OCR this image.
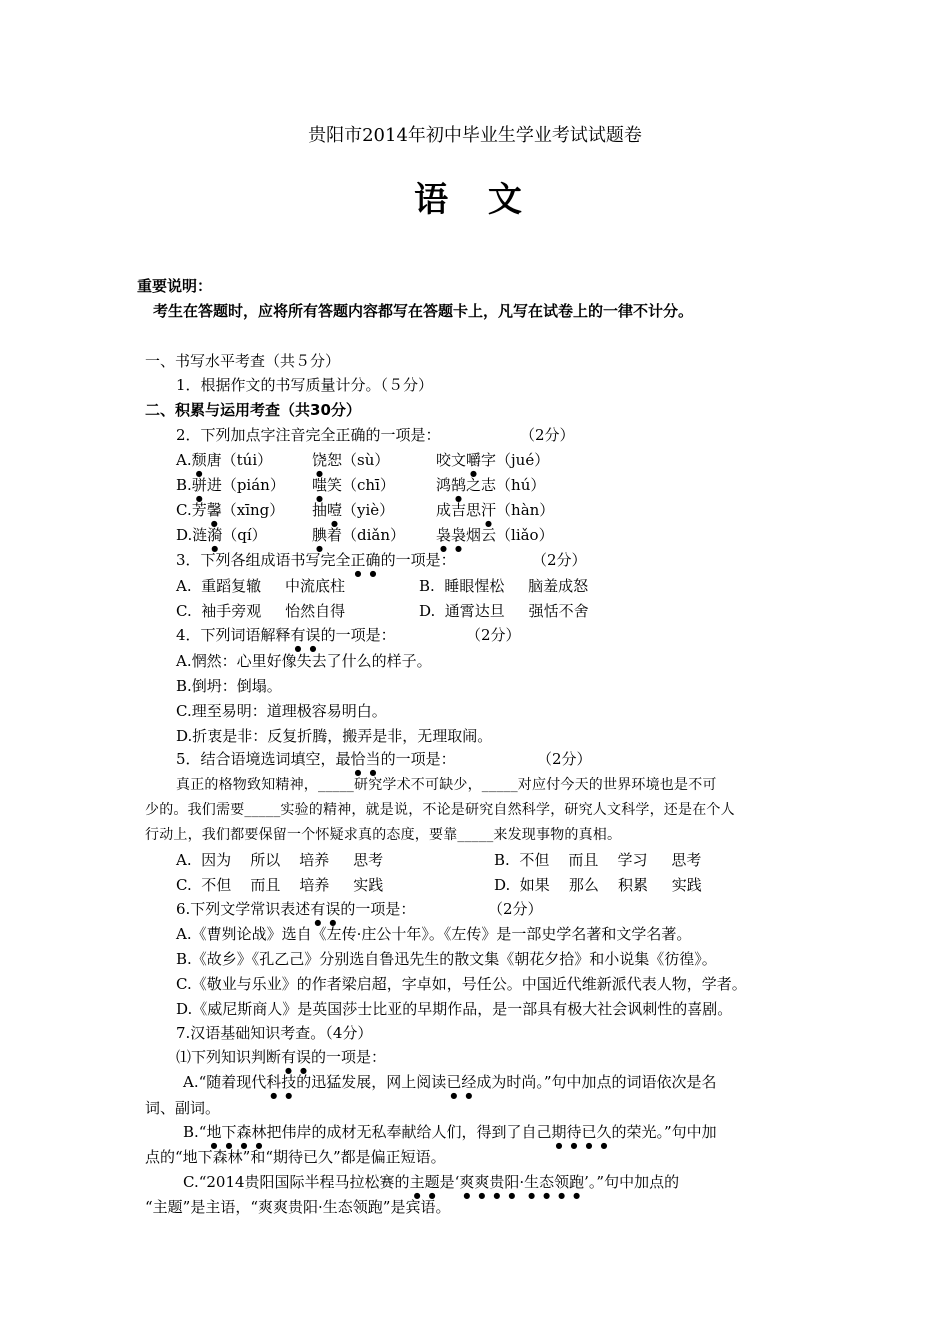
贵阳市2014年初中毕业生学业考试试题卷
语 文
重要说明：
考生在答题时，应将所有答题内容都写在答题卡上，凡写在试卷上的一律不计分。
一、书写水平考查（共５分）
1．根据作文的书写质量计分。（５分）
二、积累与运用考查（共30分）
2．下列加点字注音完全正确的一项是：	（2分）
A.颓唐（túi）	饶恕（sù）	咬文嚼字（jué）
B.骈进（pián） 嗤笑（chī）	鸿鹄之志（hú）
C.芳馨（xīng） 抽噎（yiè）	成吉思汗（hàn）
D.涟漪（qí）	腆着（diǎn） 袅袅烟云（liǎo）
3．下列各组成语书写完全正确的一项是：	（2分）
A.  重蹈复辙     中流底柱	B.  睡眼惺松     脑羞成怒
C.  袖手旁观     怡然自得	D.  通霄达旦     强恬不舍
4．下列词语解释有误的一项是：	（2分）
A.惘然：心里好像失去了什么的样子。
B.倒坍：倒塌。
C.理至易明：道理极容易明白。
D.折衷是非：反复折腾，搬弄是非，无理取闹。
5．结合语境选词填空，最恰当的一项是：	（2分）
真正的格物致知精神，_____研究学术不可缺少，_____对应付今天的世界环境也是不可
少的。我们需要_____实验的精神，就是说，不论是研究自然科学，研究人文科学，还是在个人
行动上，我们都要保留一个怀疑求真的态度，要靠_____来发现事物的真相。
A.  因为    所以    培养     思考	B.  不但    而且    学习     思考
C.  不但    而且    培养     实践	D.  如果    那么    积累     实践
6.下列文学常识表述有误的一项是：	（2分）
A.《曹刿论战》选自《左传·庄公十年》。《左传》是一部史学名著和文学名著。
B.《故乡》《孔乙己》分别选自鲁迅先生的散文集《朝花夕拾》和小说集《彷徨》。
C.《敬业与乐业》的作者梁启超，字卓如，号任公。中国近代维新派代表人物，学者。
D.《威尼斯商人》是英国莎士比亚的早期作品，是一部具有极大社会讽刺性的喜剧。
7.汉语基础知识考查。（4分）
⑴下列知识判断有误的一项是：
A.“随着现代科技的迅猛发展，网上阅读已经成为时尚。”句中加点的词语依次是名
词、副词。
B.“地下森林把伟岸的成材无私奉献给人们，得到了自己期待已久的荣光。”句中加
点的“地下森林”和“期待已久”都是偏正短语。
C.“2014贵阳国际半程马拉松赛的主题是‘爽爽贵阳·生态领跑’。”句中加点的
“主题”是主语，“爽爽贵阳·生态领跑”是宾语。
